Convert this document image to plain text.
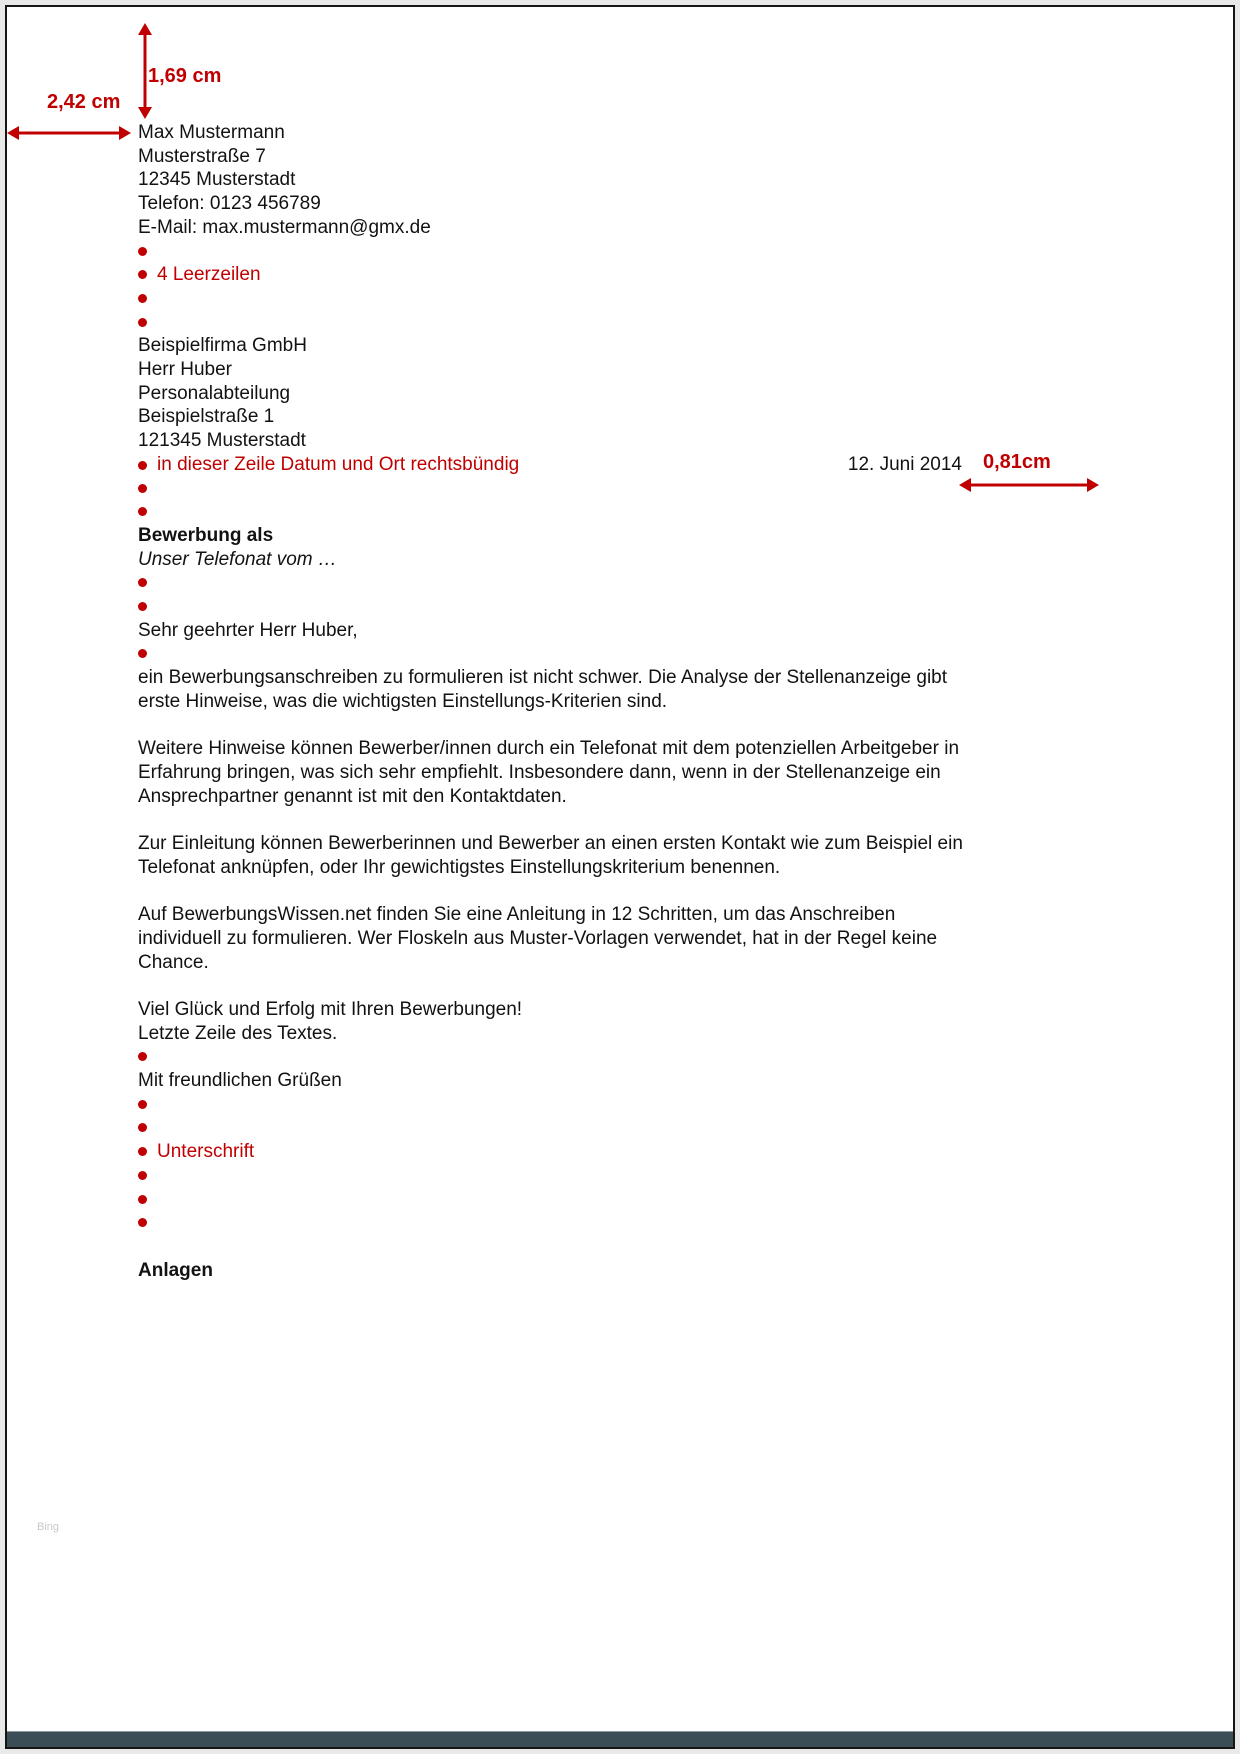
1,69 cm
2,42 cm
0,81cm
Max Mustermann
Musterstraße 7
12345 Musterstadt
Telefon: 0123 456789
E-Mail: max.mustermann@gmx.de
4 Leerzeilen
Beispielfirma GmbH
Herr Huber
Personalabteilung
Beispielstraße 1
121345 Musterstadt
in dieser Zeile Datum und Ort rechtsbündig	12. Juni 2014
Bewerbung als
Unser Telefonat vom …
Sehr geehrter Herr Huber,

ein Bewerbungsanschreiben zu formulieren ist nicht schwer. Die Analyse der Stellenanzeige gibt erste Hinweise, was die wichtigsten Einstellungs-Kriterien sind.

Weitere Hinweise können Bewerber/innen durch ein Telefonat mit dem potenziellen Arbeitgeber in Erfahrung bringen, was sich sehr empfiehlt. Insbesondere dann, wenn in der Stellenanzeige ein Ansprechpartner genannt ist mit den Kontaktdaten.

Zur Einleitung können Bewerberinnen und Bewerber an einen ersten Kontakt wie zum Beispiel ein Telefonat anknüpfen, oder Ihr gewichtigstes Einstellungskriterium benennen.

Auf BewerbungsWissen.net finden Sie eine Anleitung in 12 Schritten, um das Anschreiben individuell zu formulieren. Wer Floskeln aus Muster-Vorlagen verwendet, hat in der Regel keine Chance.

Viel Glück und Erfolg mit Ihren Bewerbungen!
Letzte Zeile des Textes.
Mit freundlichen Grüßen
Unterschrift
Anlagen
Bing
